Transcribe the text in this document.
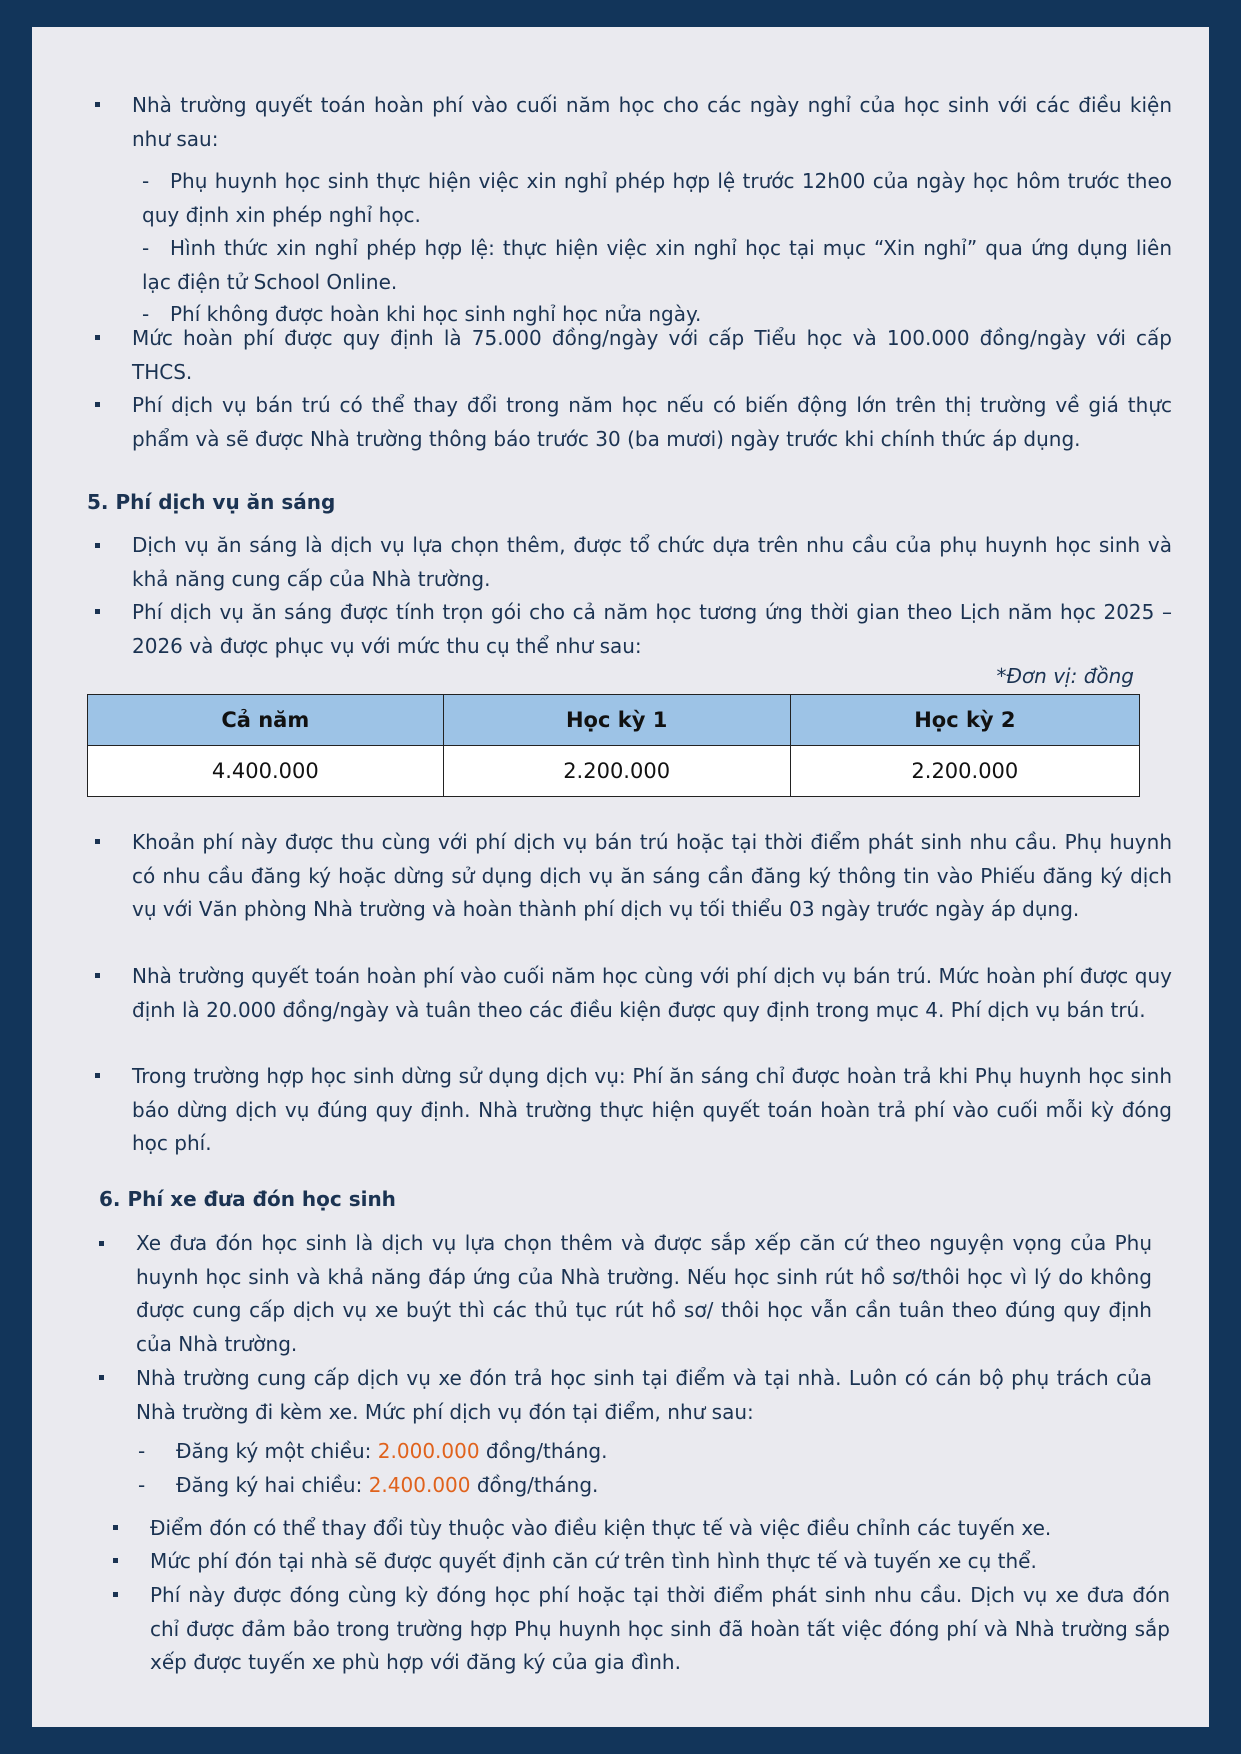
Nhà trường quyết toán hoàn phí vào cuối năm học cho các ngày nghỉ của học sinh với các điều kiện như sau:
-	Phụ huynh học sinh thực hiện việc xin nghỉ phép hợp lệ trước 12h00 của ngày học hôm trước theo quy định xin phép nghỉ học.
-	Hình thức xin nghỉ phép hợp lệ: thực hiện việc xin nghỉ học tại mục “Xin nghỉ” qua ứng dụng liên lạc điện tử School Online.
- Phí không được hoàn khi học sinh nghỉ học nửa ngày.
Mức hoàn phí được quy định là 75.000 đồng/ngày với cấp Tiểu học và 100.000 đồng/ngày với cấp THCS.
Phí dịch vụ bán trú có thể thay đổi trong năm học nếu có biến động lớn trên thị trường về giá thực phẩm và sẽ được Nhà trường thông báo trước 30 (ba mươi) ngày trước khi chính thức áp dụng.
5. Phí dịch vụ ăn sáng
Dịch vụ ăn sáng là dịch vụ lựa chọn thêm, được tổ chức dựa trên nhu cầu của phụ huynh học sinh và khả năng cung cấp của Nhà trường.
Phí dịch vụ ăn sáng được tính trọn gói cho cả năm học tương ứng thời gian theo Lịch năm học 2025 – 2026 và được phục vụ với mức thu cụ thể như sau:
*Đơn vị: đồng
Cả năm	Học kỳ 1	Học kỳ 2
4.400.000	2.200.000	2.200.000
Khoản phí này được thu cùng với phí dịch vụ bán trú hoặc tại thời điểm phát sinh nhu cầu. Phụ huynh có nhu cầu đăng ký hoặc dừng sử dụng dịch vụ ăn sáng cần đăng ký thông tin vào Phiếu đăng ký dịch vụ với Văn phòng Nhà trường và hoàn thành phí dịch vụ tối thiểu 03 ngày trước ngày áp dụng.
Nhà trường quyết toán hoàn phí vào cuối năm học cùng với phí dịch vụ bán trú. Mức hoàn phí được quy định là 20.000 đồng/ngày và tuân theo các điều kiện được quy định trong mục 4. Phí dịch vụ bán trú.
Trong trường hợp học sinh dừng sử dụng dịch vụ: Phí ăn sáng chỉ được hoàn trả khi Phụ huynh học sinh báo dừng dịch vụ đúng quy định. Nhà trường thực hiện quyết toán hoàn trả phí vào cuối mỗi kỳ đóng học phí.
6. Phí xe đưa đón học sinh
Xe đưa đón học sinh là dịch vụ lựa chọn thêm và được sắp xếp căn cứ theo nguyện vọng của Phụ huynh học sinh và khả năng đáp ứng của Nhà trường. Nếu học sinh rút hồ sơ/thôi học vì lý do không được cung cấp dịch vụ xe buýt thì các thủ tục rút hồ sơ/ thôi học vẫn cần tuân theo đúng quy định của Nhà trường.
Nhà trường cung cấp dịch vụ xe đón trả học sinh tại điểm và tại nhà. Luôn có cán bộ phụ trách của Nhà trường đi kèm xe. Mức phí dịch vụ đón tại điểm, như sau:
- Đăng ký một chiều: 2.000.000 đồng/tháng.
- Đăng ký hai chiều: 2.400.000 đồng/tháng.
Điểm đón có thể thay đổi tùy thuộc vào điều kiện thực tế và việc điều chỉnh các tuyến xe.
Mức phí đón tại nhà sẽ được quyết định căn cứ trên tình hình thực tế và tuyến xe cụ thể.
Phí này được đóng cùng kỳ đóng học phí hoặc tại thời điểm phát sinh nhu cầu. Dịch vụ xe đưa đón chỉ được đảm bảo trong trường hợp Phụ huynh học sinh đã hoàn tất việc đóng phí và Nhà trường sắp xếp được tuyến xe phù hợp với đăng ký của gia đình.
